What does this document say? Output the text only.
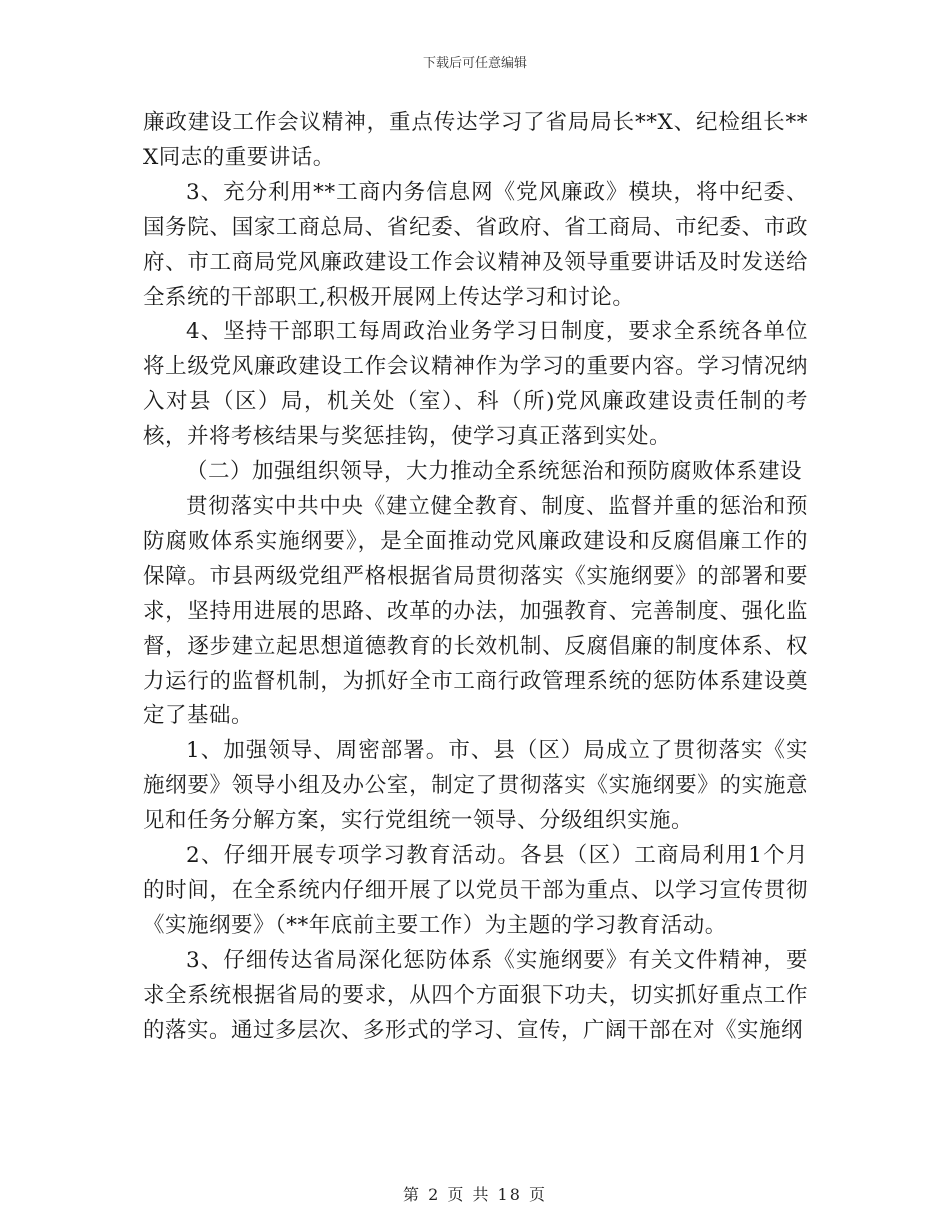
下载后可任意编辑

廉政建设工作会议精神，重点传达学习了省局局长**X、纪检组长**X同志的重要讲话。

3、充分利用**工商内务信息网《党风廉政》模块，将中纪委、国务院、国家工商总局、省纪委、省政府、省工商局、市纪委、市政府、市工商局党风廉政建设工作会议精神及领导重要讲话及时发送给全系统的干部职工,积极开展网上传达学习和讨论。

4、坚持干部职工每周政治业务学习日制度，要求全系统各单位将上级党风廉政建设工作会议精神作为学习的重要内容。学习情况纳入对县（区）局，机关处（室）、科（所)党风廉政建设责任制的考核，并将考核结果与奖惩挂钩，使学习真正落到实处。

（二）加强组织领导，大力推动全系统惩治和预防腐败体系建设

贯彻落实中共中央《建立健全教育、制度、监督并重的惩治和预防腐败体系实施纲要》，是全面推动党风廉政建设和反腐倡廉工作的保障。市县两级党组严格根据省局贯彻落实《实施纲要》的部署和要求，坚持用进展的思路、改革的办法，加强教育、完善制度、强化监督，逐步建立起思想道德教育的长效机制、反腐倡廉的制度体系、权力运行的监督机制，为抓好全市工商行政管理系统的惩防体系建设奠定了基础。

1、加强领导、周密部署。市、县（区）局成立了贯彻落实《实施纲要》领导小组及办公室，制定了贯彻落实《实施纲要》的实施意见和任务分解方案，实行党组统一领导、分级组织实施。

2、仔细开展专项学习教育活动。各县（区）工商局利用1个月的时间，在全系统内仔细开展了以党员干部为重点、以学习宣传贯彻《实施纲要》（**年底前主要工作）为主题的学习教育活动。

3、仔细传达省局深化惩防体系《实施纲要》有关文件精神，要求全系统根据省局的要求，从四个方面狠下功夫，切实抓好重点工作的落实。通过多层次、多形式的学习、宣传，广阔干部在对《实施纲

第 2 页 共 18 页
